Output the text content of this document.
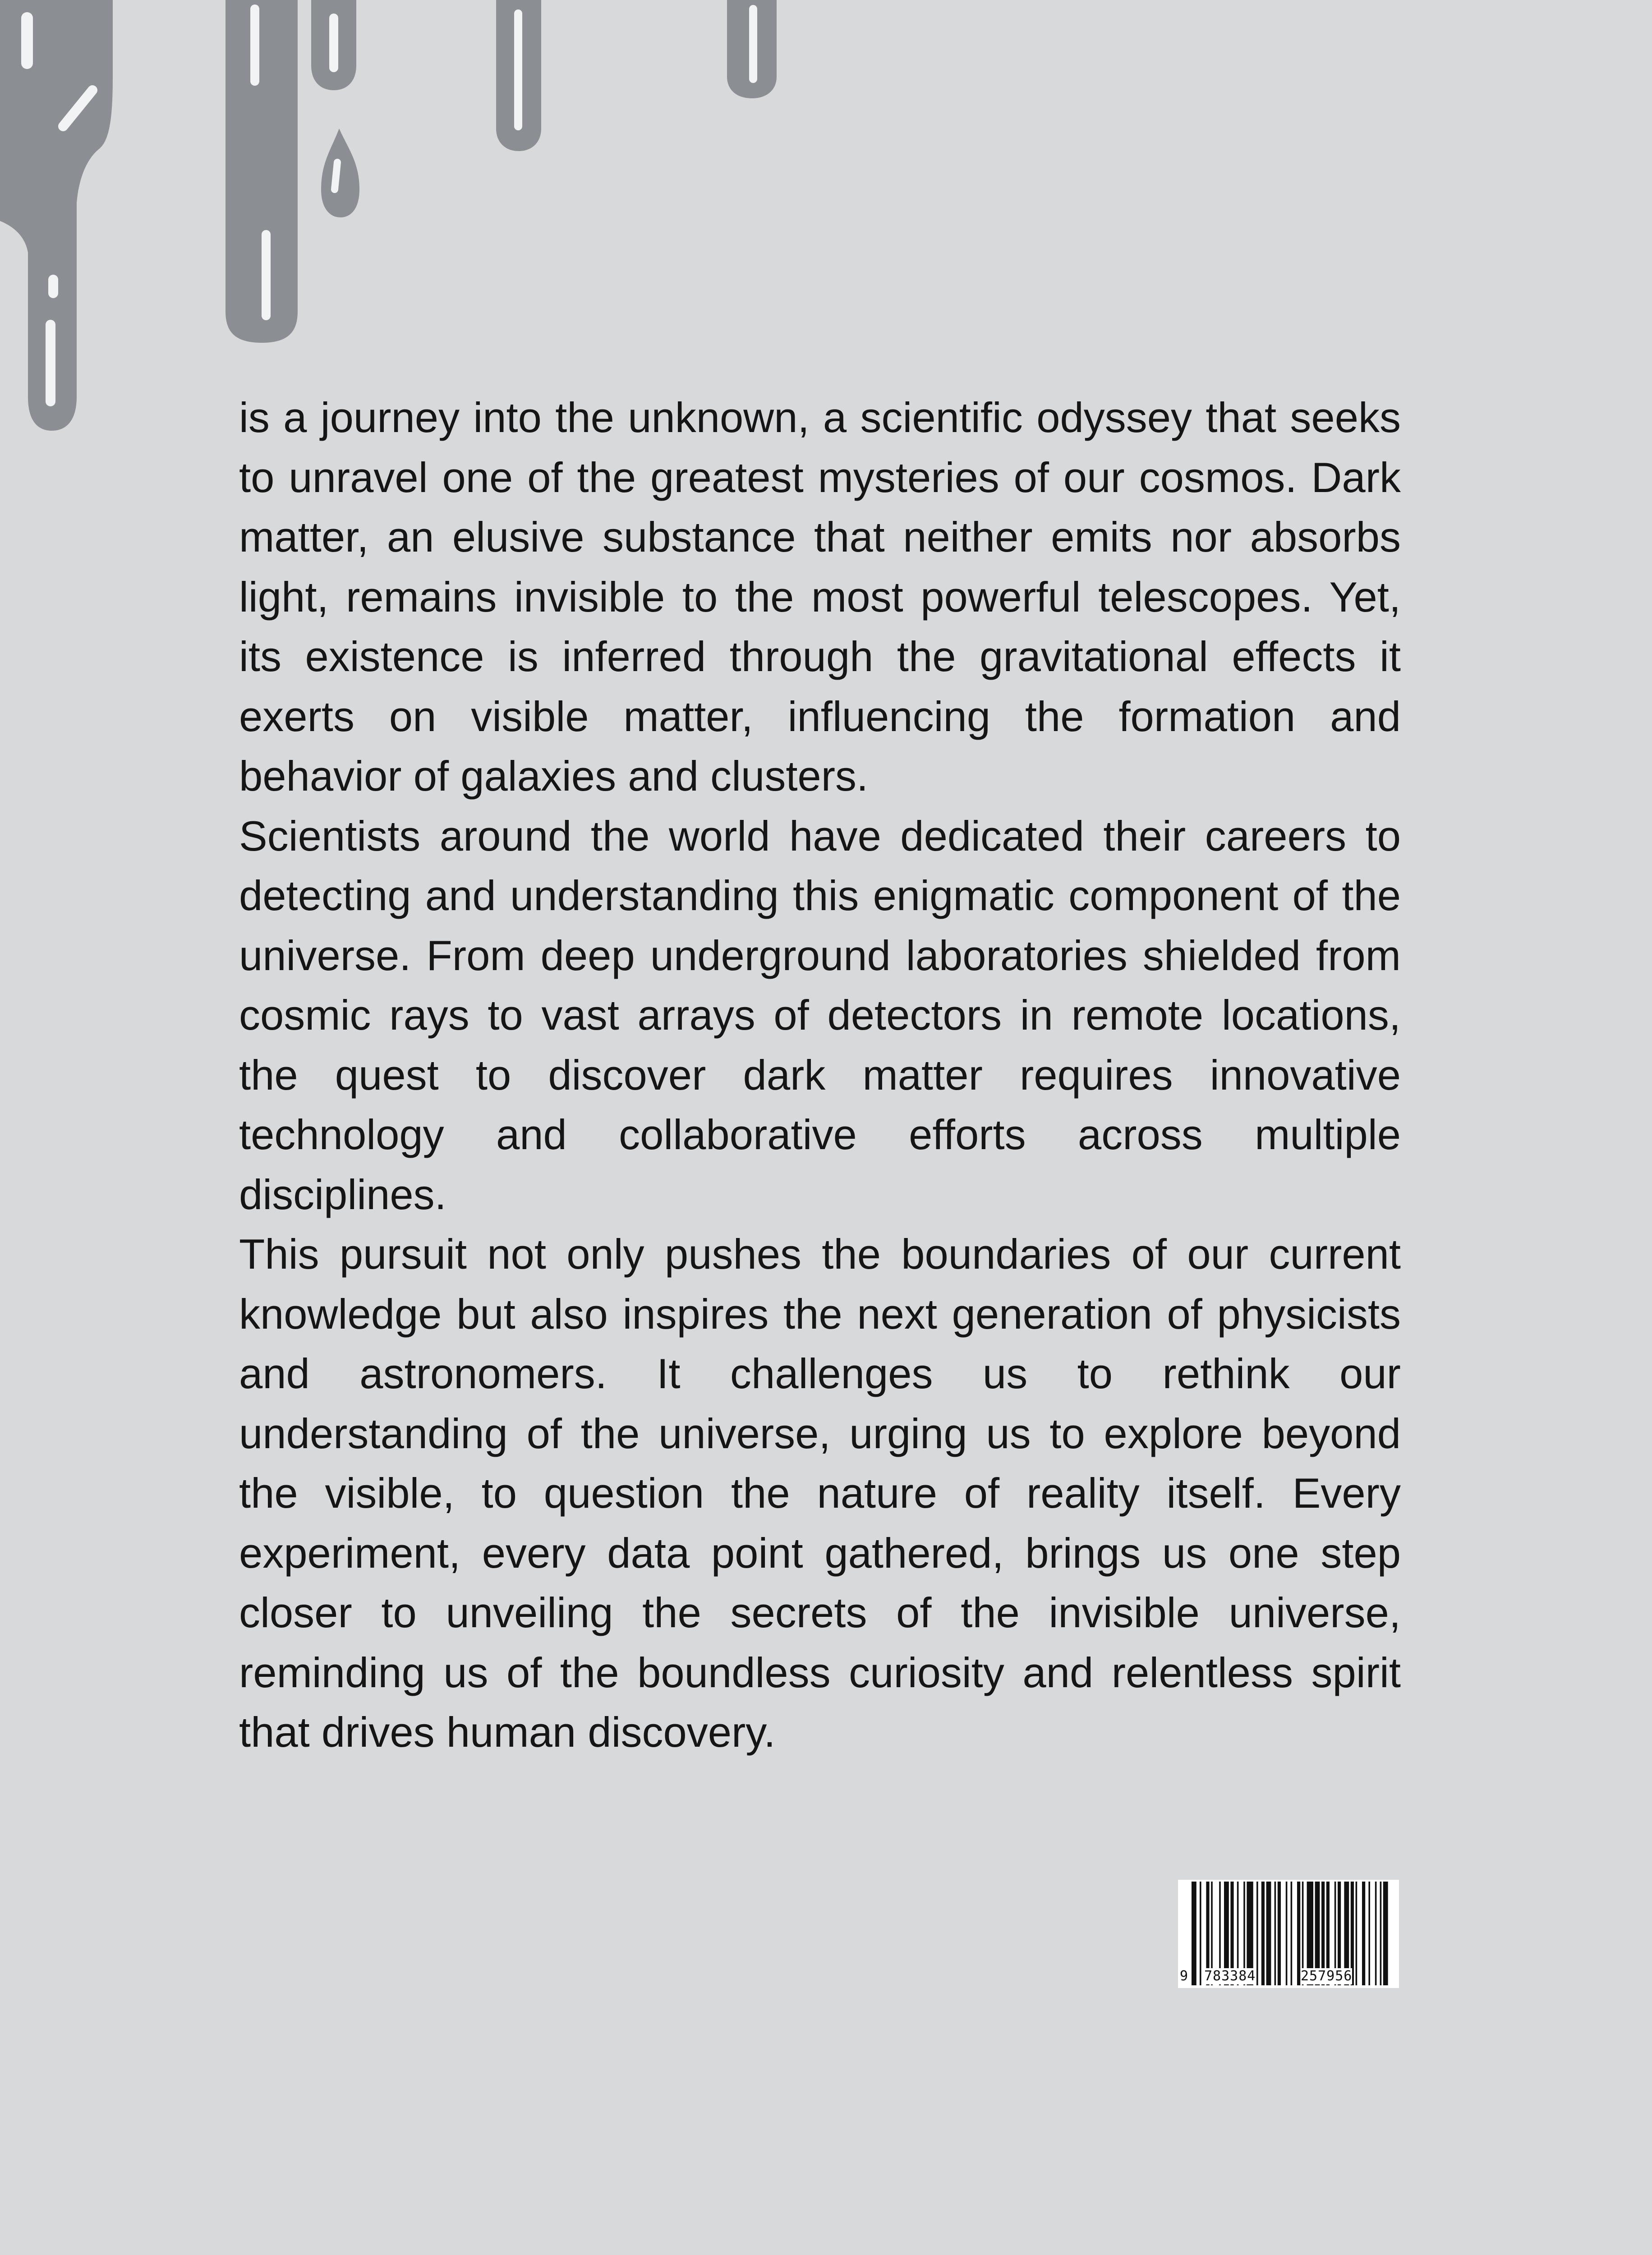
is a journey into the unknown, a scientific odyssey that seeks to unravel one of the greatest mysteries of our cosmos. Dark matter, an elusive substance that neither emits nor absorbs light, remains invisible to the most powerful telescopes. Yet, its existence is inferred through the gravitational effects it exerts on visible matter, influencing the formation and behavior of galaxies and clusters.

Scientists around the world have dedicated their careers to detecting and understanding this enigmatic component of the universe. From deep underground laboratories shielded from cosmic rays to vast arrays of detectors in remote locations, the quest to discover dark matter requires innovative technology and collaborative efforts across multiple disciplines.

This pursuit not only pushes the boundaries of our current knowledge but also inspires the next generation of physicists and astronomers. It challenges us to rethink our understanding of the universe, urging us to explore beyond the visible, to question the nature of reality itself. Every experiment, every data point gathered, brings us one step closer to unveiling the secrets of the invisible universe, reminding us of the boundless curiosity and relentless spirit that drives human discovery.

9 783384	257956
